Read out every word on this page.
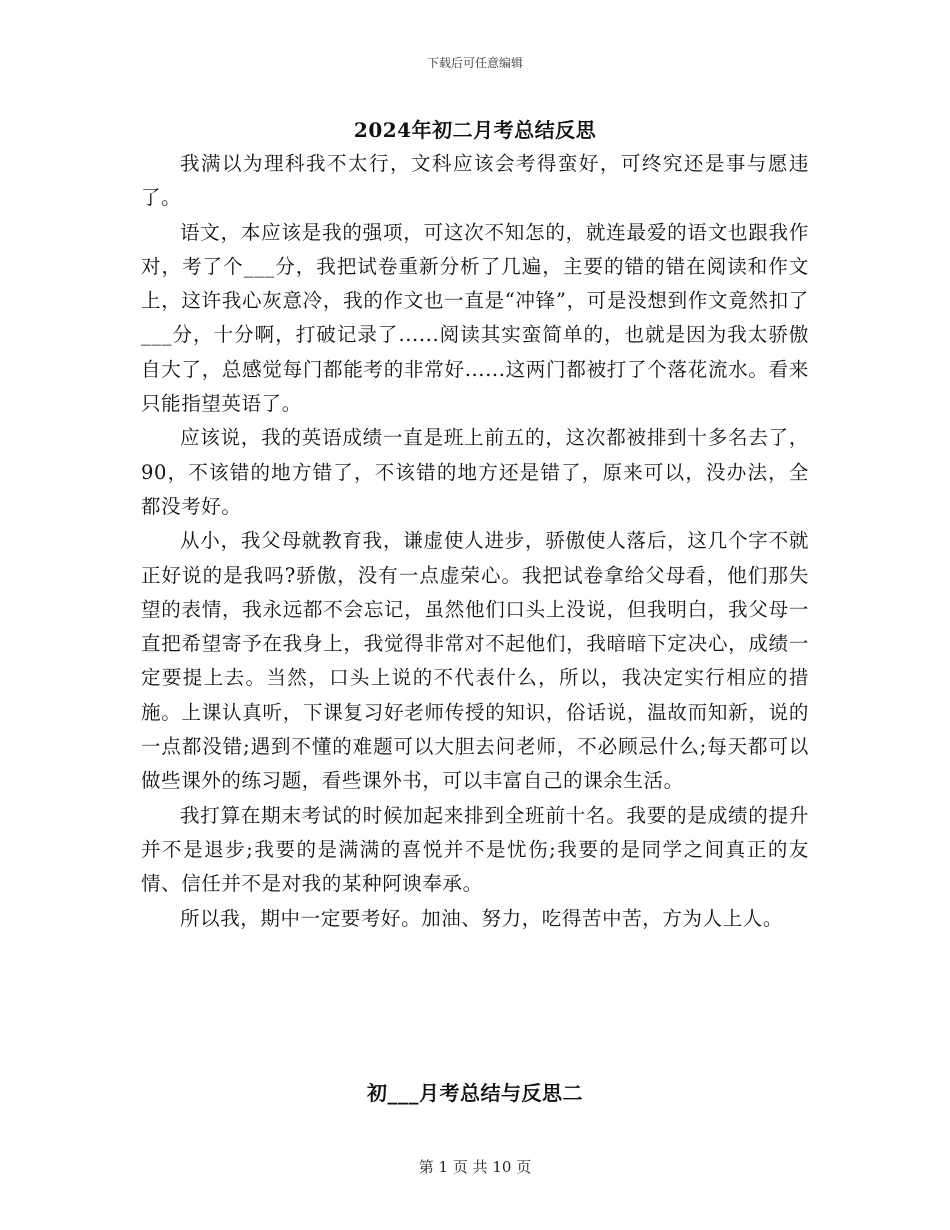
下载后可任意编辑
2024年初二月考总结反思

我满以为理科我不太行，文科应该会考得蛮好，可终究还是事与愿违了。

语文，本应该是我的强项，可这次不知怎的，就连最爱的语文也跟我作对，考了个___分，我把试卷重新分析了几遍，主要的错的错在阅读和作文上，这许我心灰意冷，我的作文也一直是“冲锋”，可是没想到作文竟然扣了___分，十分啊，打破记录了......阅读其实蛮简单的，也就是因为我太骄傲自大了，总感觉每门都能考的非常好......这两门都被打了个落花流水。看来只能指望英语了。

应该说，我的英语成绩一直是班上前五的，这次都被排到十多名去了，90，不该错的地方错了，不该错的地方还是错了，原来可以，没办法，全都没考好。

从小，我父母就教育我，谦虚使人进步，骄傲使人落后，这几个字不就正好说的是我吗?骄傲，没有一点虚荣心。我把试卷拿给父母看，他们那失望的表情，我永远都不会忘记，虽然他们口头上没说，但我明白，我父母一直把希望寄予在我身上，我觉得非常对不起他们，我暗暗下定决心，成绩一定要提上去。当然，口头上说的不代表什么，所以，我决定实行相应的措施。上课认真听，下课复习好老师传授的知识，俗话说，温故而知新，说的一点都没错;遇到不懂的难题可以大胆去问老师，不必顾忌什么;每天都可以做些课外的练习题，看些课外书，可以丰富自己的课余生活。

我打算在期末考试的时候加起来排到全班前十名。我要的是成绩的提升并不是退步;我要的是满满的喜悦并不是忧伤;我要的是同学之间真正的友情、信任并不是对我的某种阿谀奉承。

所以我，期中一定要考好。加油、努力，吃得苦中苦，方为人上人。

初___月考总结与反思二
第 1 页 共 10 页
